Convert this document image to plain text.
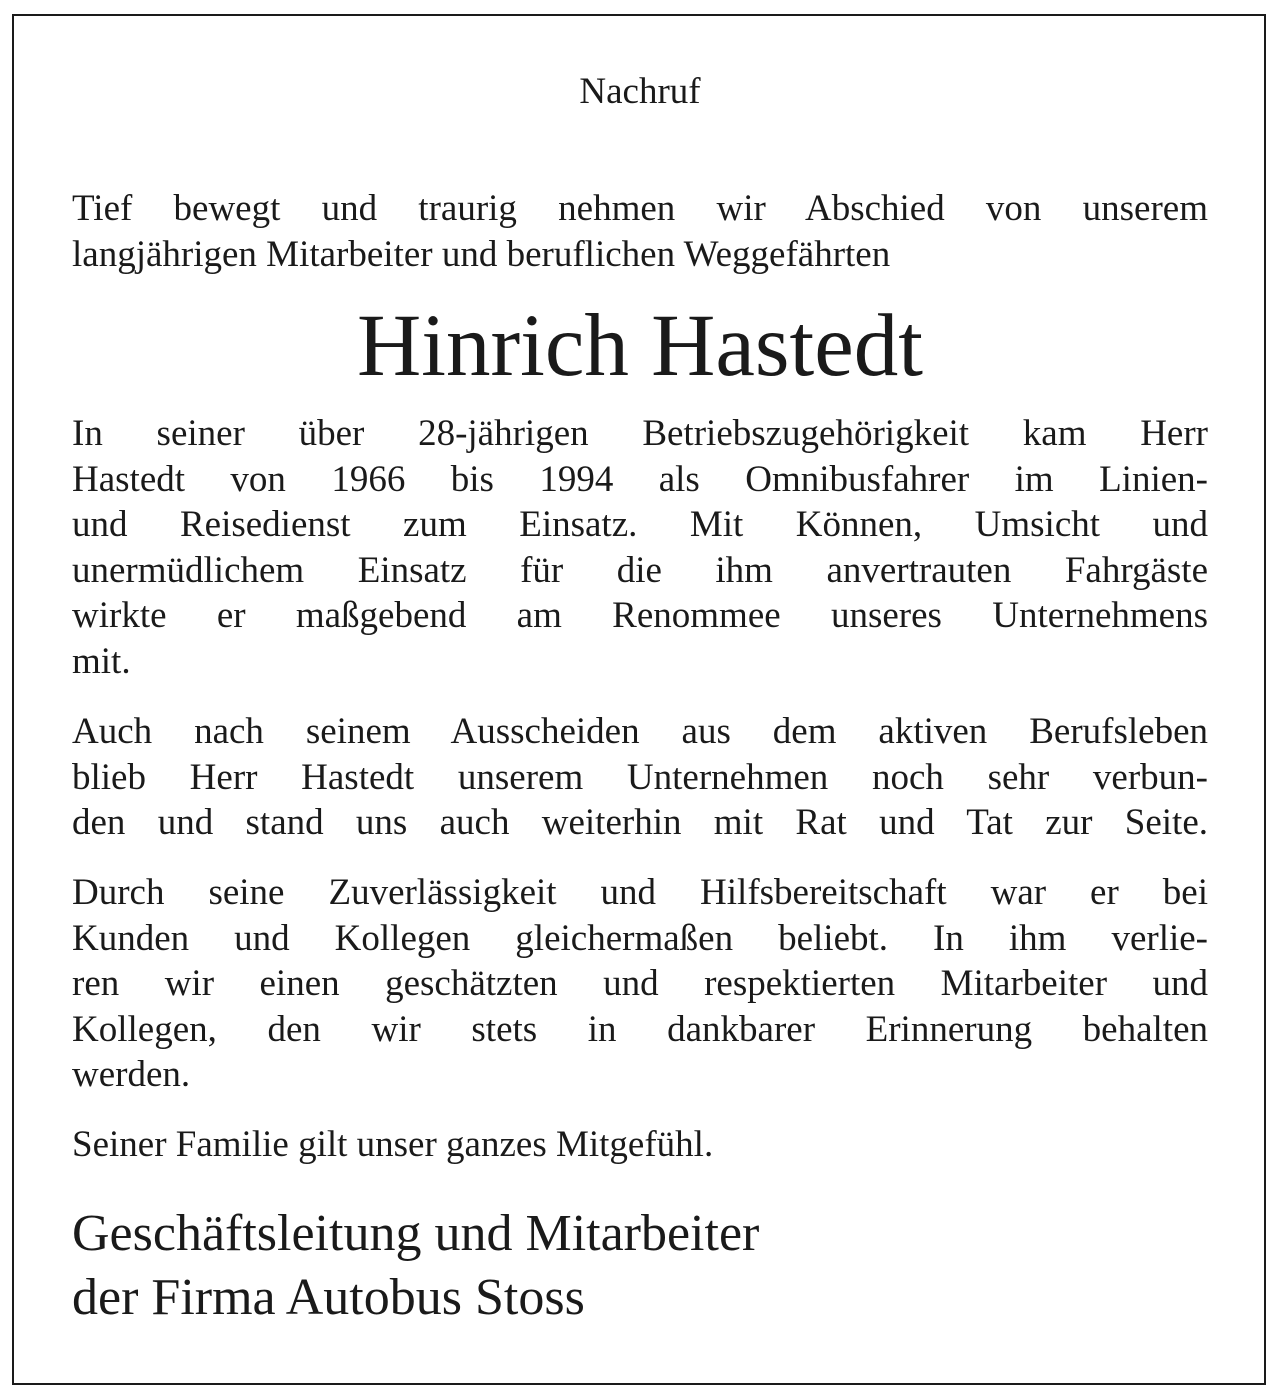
Nachruf
Tief bewegt und traurig nehmen wir Abschied von unserem
langjährigen Mitarbeiter und beruflichen Weggefährten
Hinrich Hastedt
In seiner über 28-jährigen Betriebszugehörigkeit kam Herr
Hastedt von 1966 bis 1994 als Omnibusfahrer im Linien-
und Reisedienst zum Einsatz. Mit Können, Umsicht und
unermüdlichem Einsatz für die ihm anvertrauten Fahrgäste
wirkte er maßgebend am Renommee unseres Unternehmens
mit.
Auch nach seinem Ausscheiden aus dem aktiven Berufsleben
blieb Herr Hastedt unserem Unternehmen noch sehr verbun-
den und stand uns auch weiterhin mit Rat und Tat zur Seite.
Durch seine Zuverlässigkeit und Hilfsbereitschaft war er bei
Kunden und Kollegen gleichermaßen beliebt. In ihm verlie-
ren wir einen geschätzten und respektierten Mitarbeiter und
Kollegen, den wir stets in dankbarer Erinnerung behalten
werden.
Seiner Familie gilt unser ganzes Mitgefühl.
Geschäftsleitung und Mitarbeiter
der Firma Autobus Stoss
